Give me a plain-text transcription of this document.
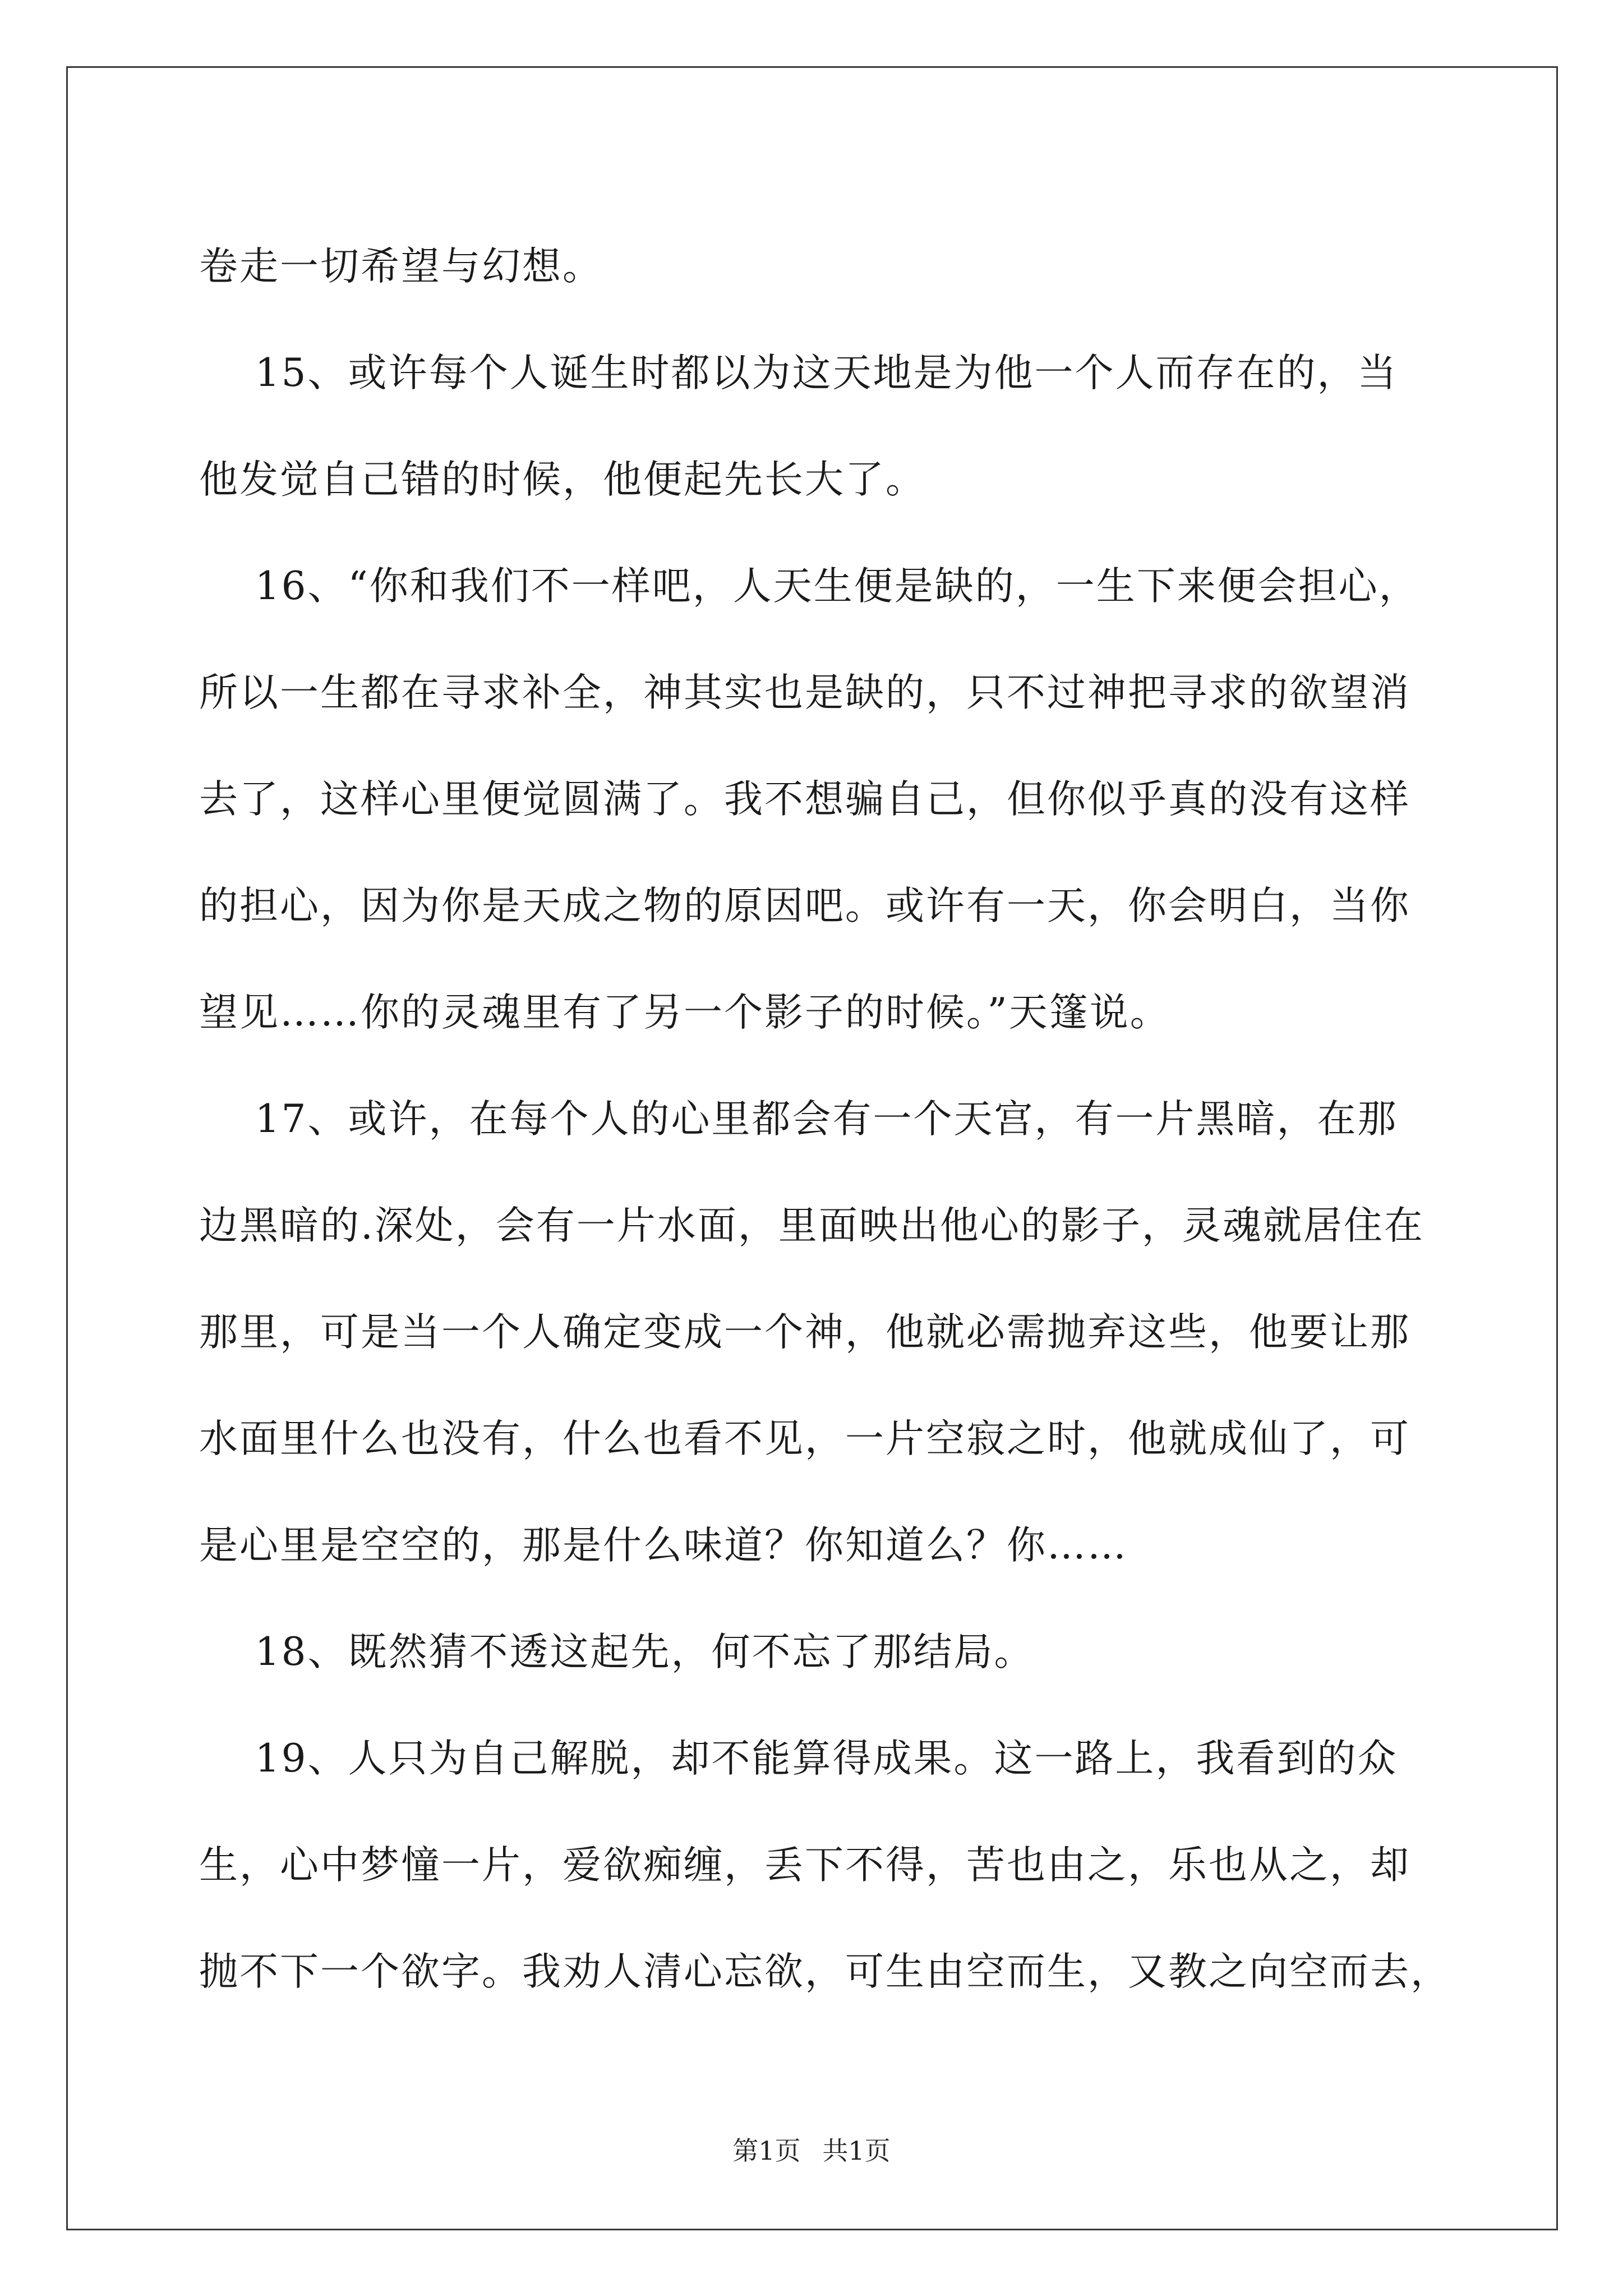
卷走一切希望与幻想。
15、或许每个人诞生时都以为这天地是为他一个人而存在的，当
他发觉自己错的时候，他便起先长大了。
16、“你和我们不一样吧，人天生便是缺的，一生下来便会担心，
所以一生都在寻求补全，神其实也是缺的，只不过神把寻求的欲望消
去了，这样心里便觉圆满了。我不想骗自己，但你似乎真的没有这样
的担心，因为你是天成之物的原因吧。或许有一天，你会明白，当你
望见……你的灵魂里有了另一个影子的时候。”天篷说。
17、或许，在每个人的心里都会有一个天宫，有一片黑暗，在那
边黑暗的.深处，会有一片水面，里面映出他心的影子，灵魂就居住在
那里，可是当一个人确定变成一个神，他就必需抛弃这些，他要让那
水面里什么也没有，什么也看不见，一片空寂之时，他就成仙了，可
是心里是空空的，那是什么味道？你知道么？你……
18、既然猜不透这起先，何不忘了那结局。
19、人只为自己解脱，却不能算得成果。这一路上，我看到的众
生，心中梦憧一片，爱欲痴缠，丢下不得，苦也由之，乐也从之，却
抛不下一个欲字。我劝人清心忘欲，可生由空而生，又教之向空而去，
第1页 共1页
